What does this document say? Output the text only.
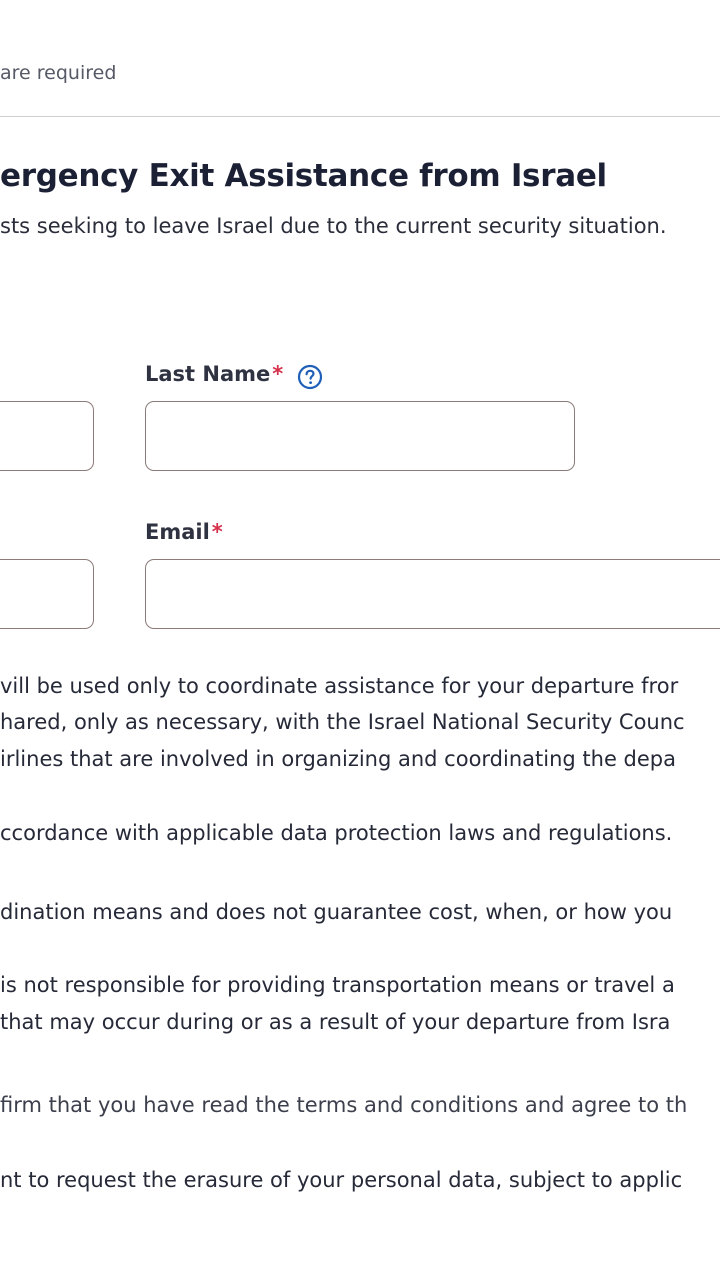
are required
ergency Exit Assistance from Israel
sts seeking to leave Israel due to the current security situation.
Last Name*
Email*
vill be used only to coordinate assistance for your departure fror
hared, only as necessary, with the Israel National Security Counc
irlines that are involved in organizing and coordinating the depa
ccordance with applicable data protection laws and regulations.
dination means and does not guarantee cost, when, or how you
is not responsible for providing transportation means or travel a
that may occur during or as a result of your departure from Isra
firm that you have read the terms and conditions and agree to th
nt to request the erasure of your personal data, subject to applic
